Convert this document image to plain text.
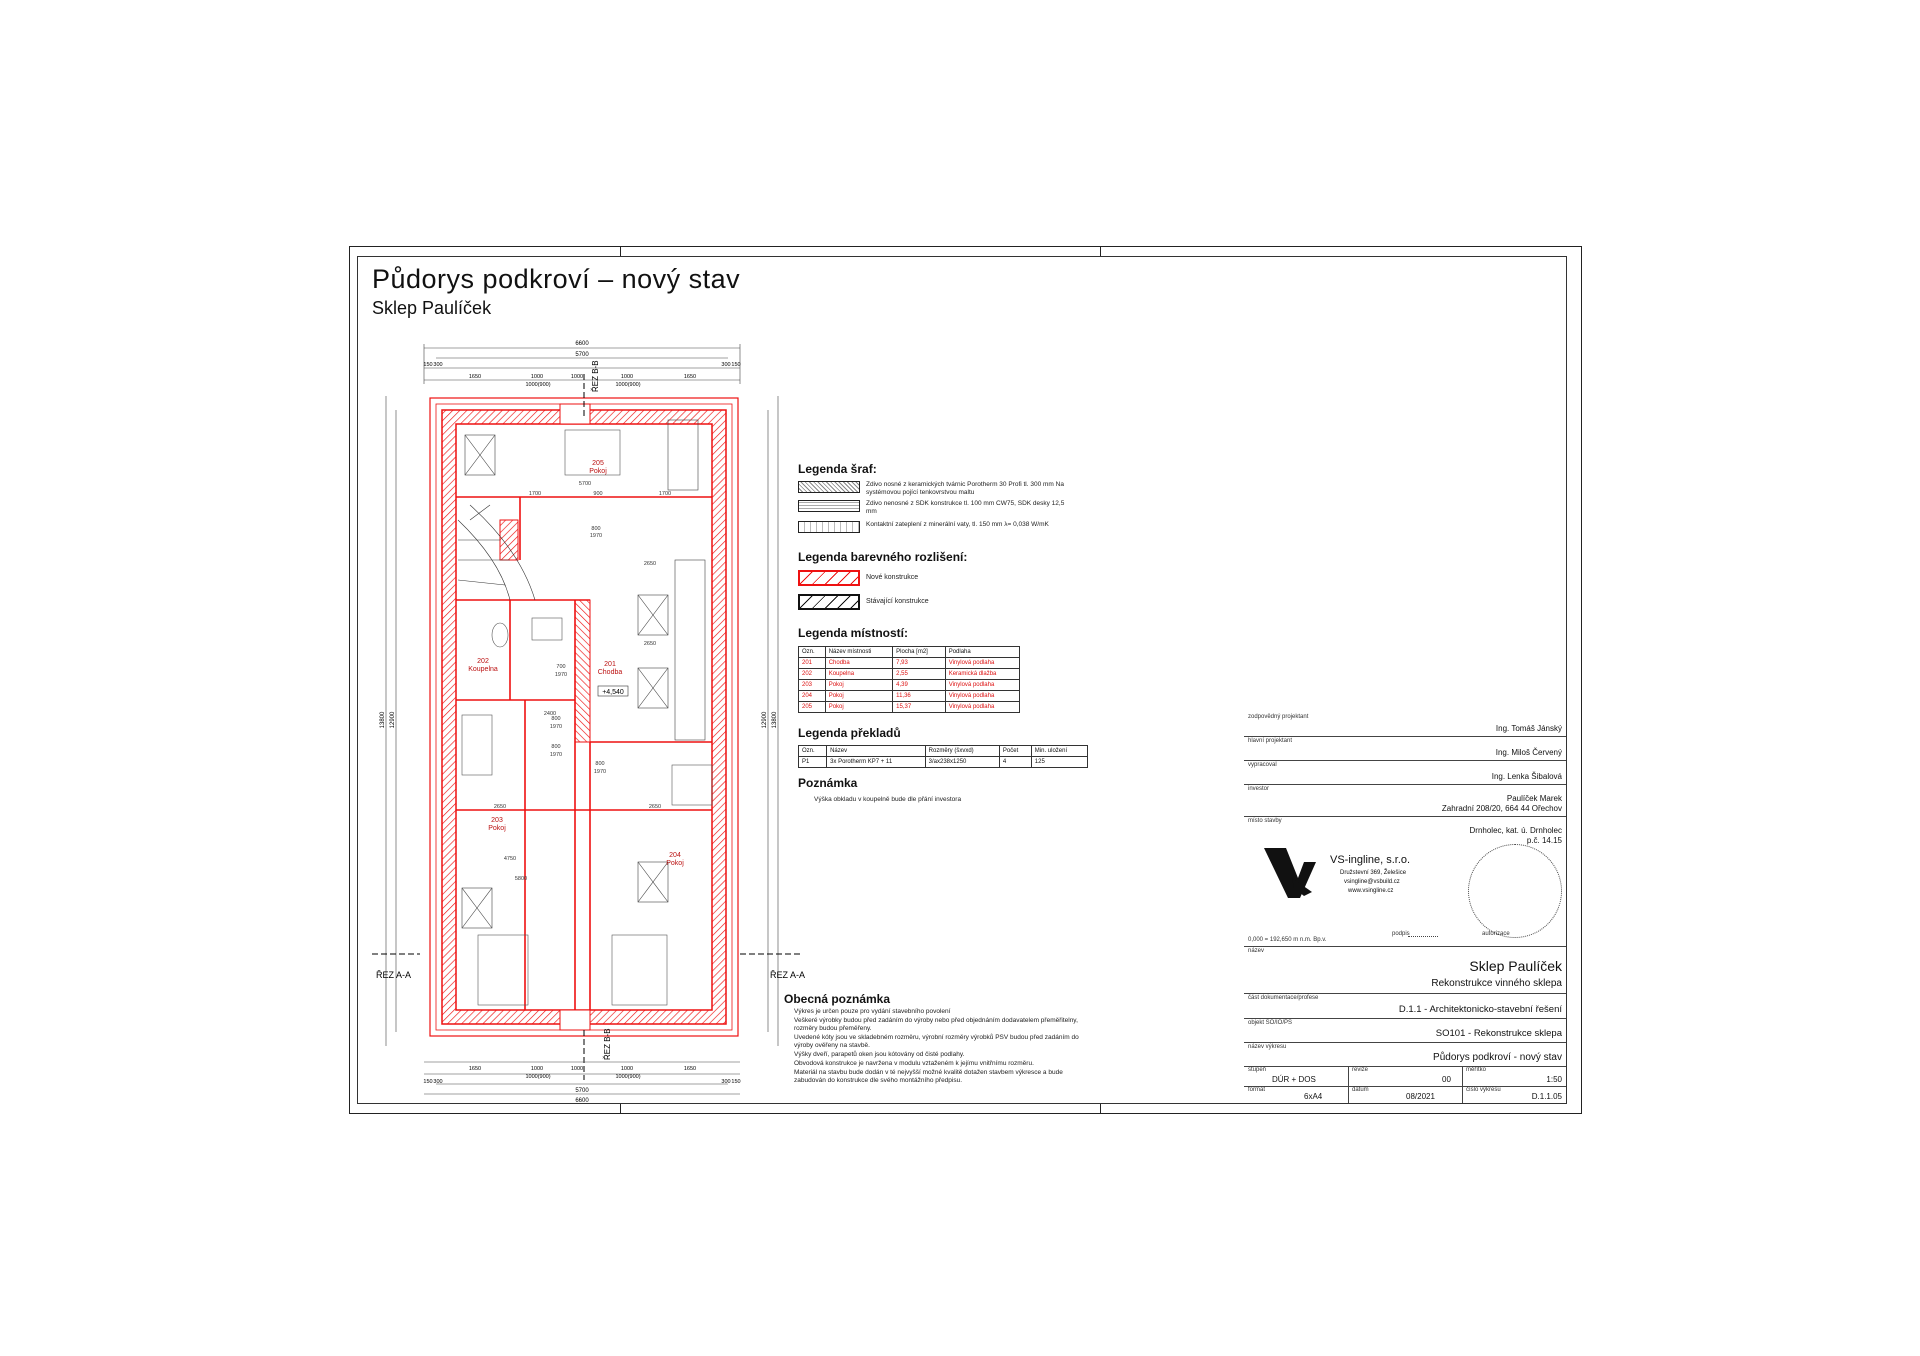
Půdorys podkroví – nový stav
Sklep Paulíček
6600
5700
150 300
1650	1000	1000	1000	1650
300 150
1000(900)	1000(900)
13800 12900	13800
12900
205
Pokoj
202
Koupelna
201
Chodba
203
Pokoj
204
Pokoj
+4,540
5700
1700	900	1700
2650
2650
2650	2650
2400
800
1970
5800
4750
800
1970
700
1970
800
1970
800
1970
ŘEZ A-A	ŘEZ A-A
ŘEZ B-B
ŘEZ B-B
150 300
1650	1000	1000	1000	1650
300 150
1000(900)	1000(900)
5700
6600
Legenda šraf:
Zdivo nosné z keramických tvárnic Porotherm 30 Profi tl. 300 mm Na systémovou pojící tenkovrstvou maltu
Zdivo nenosné z SDK konstrukce tl. 100 mm CW75, SDK desky 12,5 mm
Kontaktní zateplení z minerální vaty, tl. 150 mm λ= 0,038 W/mK
Legenda barevného rozlišení:
Nové konstrukce
Stávající konstrukce
Legenda místností:
Ozn.	Název místnosti	Plocha [m2]	Podlaha
201	Chodba	7,93	Vinylová podlaha
202	Koupelna	2,55	Keramická dlažba
203	Pokoj	4,39	Vinylová podlaha
204	Pokoj	11,36	Vinylová podlaha
205	Pokoj	15,37	Vinylová podlaha
Legenda překladů
Ozn.	Název	Rozměry (šxvxd)	Počet	Min. uložení
P1	3x Porotherm KP7 + 11	3/ax238x1250	4	125
Poznámka
Výška obkladu v koupelně bude dle přání investora
Obecná poznámka
Výkres je určen pouze pro vydání stavebního povolení
Veškeré výrobky budou před zadáním do výroby nebo před objednáním dodavatelem přeměřitelny, rozměry budou přeměřeny.
Uvedené kóty jsou ve skladebném rozměru, výrobní rozměry výrobků PSV budou před zadáním do výroby ověřeny na stavbě.
Výšky dveří, parapetů oken jsou kótovány od čisté podlahy.
Obvodová konstrukce je navržena v modulu vztaženém k jejímu vnitřnímu rozměru.
Materiál na stavbu bude dodán v té nejvyšší možné kvalitě dotažen stavbem výkresce a bude zabudován do konstrukce dle svého montážního předpisu.
zodpovědný projektant
Ing. Tomáš Jánský
hlavní projektant
Ing. Miloš Červený
vypracoval
Ing. Lenka Šibalová
investor
Paulíček Marek
Zahradní 208/20, 664 44 Ořechov
místo stavby
Drnholec, kat. ú. Drnholec
p.č. 14.15
VS-ingline, s.r.o.
Družstevní 369, Želešice
vsingline@vsbuild.cz
www.vsingline.cz
0,000 = 192,650 m n.m. Bp.v.
podpis	autorizace
název
Sklep Paulíček
Rekonstrukce vinného sklepa
část dokumentace/profese
D.1.1 - Architektonicko-stavební řešení
objekt SO/IO/PS
SO101 - Rekonstrukce sklepa
název výkresu
Půdorys podkroví - nový stav
stupeň
DÚR + DOS
revize
00
měřítko
1:50
formát
6xA4
datum
08/2021
číslo výkresu
D.1.1.05
